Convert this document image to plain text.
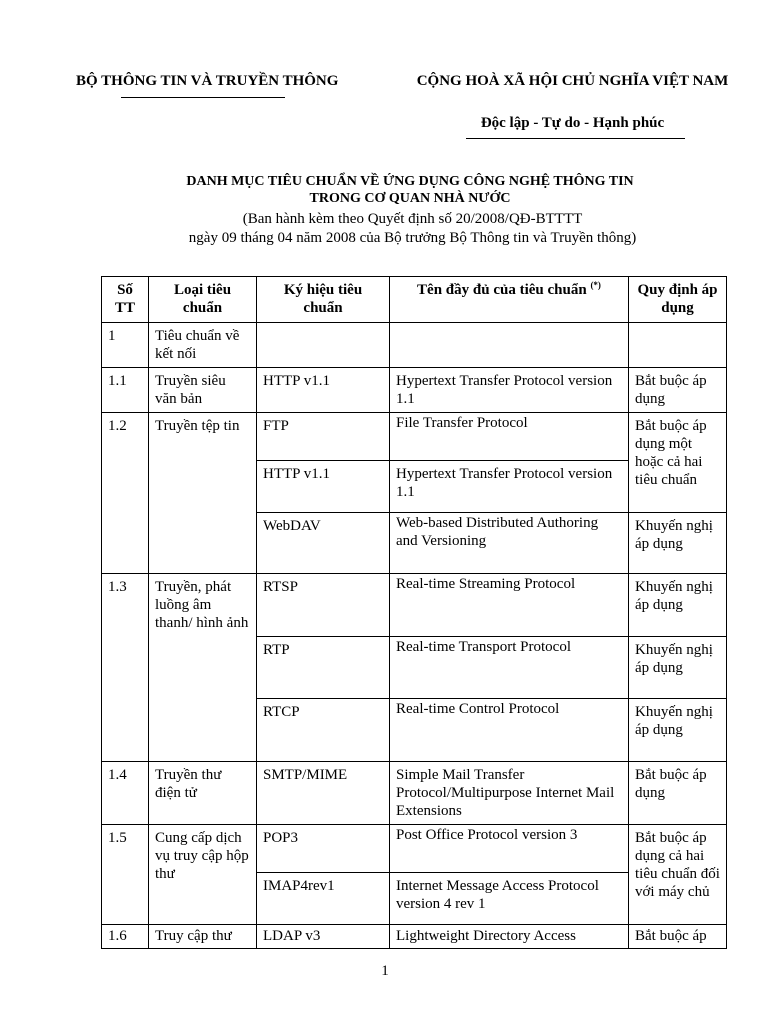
BỘ THÔNG TIN VÀ TRUYỀN THÔNG	CỘNG HOÀ XÃ HỘI CHỦ NGHĨA VIỆT NAM
Độc lập - Tự do - Hạnh phúc
DANH MỤC TIÊU CHUẨN VỀ ỨNG DỤNG CÔNG NGHỆ THÔNG TIN
TRONG CƠ QUAN NHÀ NƯỚC
(Ban hành kèm theo Quyết định số 20/2008/QĐ-BTTTT
ngày 09 tháng 04 năm 2008 của Bộ trưởng Bộ Thông tin và Truyền thông)
Số TT	Loại tiêu chuẩn	Ký hiệu tiêu chuẩn	Tên đầy đủ của tiêu chuẩn (*)	Quy định áp dụng
1	Tiêu chuẩn về kết nối			
1.1	Truyền siêu văn bản	HTTP v1.1	Hypertext Transfer Protocol version 1.1	Bắt buộc áp dụng
1.2	Truyền tệp tin	FTP	File Transfer Protocol	Bắt buộc áp dụng một hoặc cả hai tiêu chuẩn
		HTTP v1.1	Hypertext Transfer Protocol version 1.1	
		WebDAV	Web-based Distributed Authoring and Versioning	Khuyến nghị áp dụng
1.3	Truyền, phát luồng âm thanh/ hình ảnh	RTSP	Real-time Streaming Protocol	Khuyến nghị áp dụng
		RTP	Real-time Transport Protocol	Khuyến nghị áp dụng
		RTCP	Real-time Control Protocol	Khuyến nghị áp dụng
1.4	Truyền thư điện tử	SMTP/MIME	Simple Mail Transfer Protocol/Multipurpose Internet Mail Extensions	Bắt buộc áp dụng
1.5	Cung cấp dịch vụ truy cập hộp thư	POP3	Post Office Protocol version 3	Bắt buộc áp dụng cả hai tiêu chuẩn đối với máy chủ
		IMAP4rev1	Internet Message Access Protocol version 4 rev 1	
1.6	Truy cập thư	LDAP v3	Lightweight Directory Access	Bắt buộc áp
1
